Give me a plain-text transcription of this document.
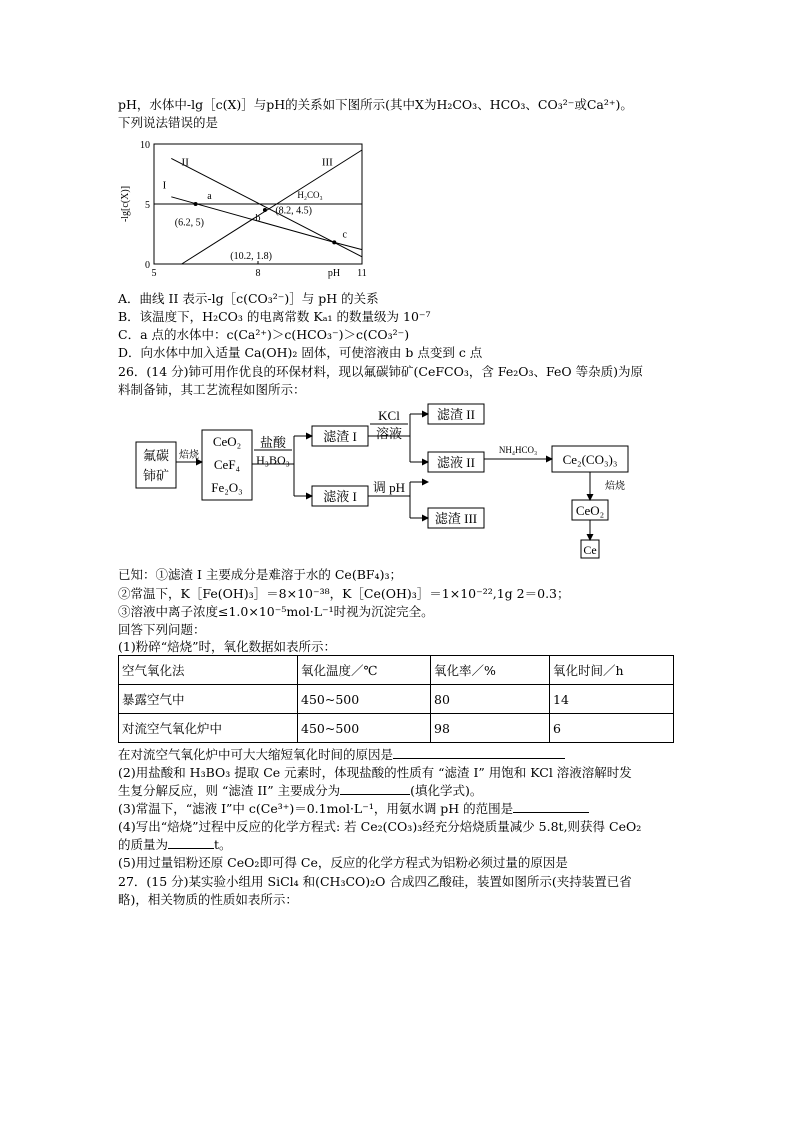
pH，水体中-lg［c(X)］与pH的关系如下图所示(其中X为H₂CO₃、HCO₃、CO₃²⁻或Ca²⁺)。
下列说法错误的是
0
5
10
5	8	11
pH
-lg[c(X)]
I
II	III
H₂CO₃
a
(6.2, 5)	b
(8.2, 4.5)
c
(10.2, 1.8)
A．曲线 II 表示-lg［c(CO₃²⁻)］与 pH 的关系
B．该温度下，H₂CO₃ 的电离常数 Kₐ₁ 的数量级为 10⁻⁷
C．a 点的水体中：c(Ca²⁺)＞c(HCO₃⁻)＞c(CO₃²⁻)
D．向水体中加入适量 Ca(OH)₂ 固体，可使溶液由 b 点变到 c 点
26．(14 分)铈可用作优良的环保材料，现以氟碳铈矿(CeFCO₃，含 Fe₂O₃、FeO 等杂质)为原
料制备铈，其工艺流程如图所示：
氟碳
铈矿
焙烧
CeO₂
CeF₄
Fe₂O₃
盐酸
H₃BO₃
滤渣 I
滤液 I
KCl
溶液
调 pH
滤渣 II
滤液 II
滤渣 III
NH₄HCO₃
Ce₂(CO₃)₃
焙烧
CeO₂
Ce
已知：①滤渣 I 主要成分是难溶于水的 Ce(BF₄)₃；
②常温下，K［Fe(OH)₃］＝8×10⁻³⁸，K［Ce(OH)₃］＝1×10⁻²²,1g 2＝0.3；
③溶液中离子浓度≤1.0×10⁻⁵mol·L⁻¹时视为沉淀完全。
回答下列问题：
(1)粉碎“焙烧”时，氧化数据如表所示：
空气氧化法	氧化温度／℃	氧化率／%	氧化时间／h
暴露空气中	450~500	80	14
对流空气氧化炉中	450~500	98	6
在对流空气氧化炉中可大大缩短氧化时间的原因是
(2)用盐酸和 H₃BO₃ 提取 Ce 元素时，体现盐酸的性质有 “滤渣 I” 用饱和 KCl 溶液溶解时发
生复分解反应，则 “滤渣 II” 主要成分为	(填化学式)。
(3)常温下，“滤液 I”中 c(Ce³⁺)＝0.1mol·L⁻¹，用氨水调 pH 的范围是
(4)写出“焙烧”过程中反应的化学方程式: 若 Ce₂(CO₃)₃经充分焙烧质量减少 5.8t,则获得 CeO₂
的质量为	t。
(5)用过量铝粉还原 CeO₂即可得 Ce，反应的化学方程式为铝粉必须过量的原因是
27．(15 分)某实验小组用 SiCl₄ 和(CH₃CO)₂O 合成四乙酸硅，装置如图所示(夹持装置已省
略)，相关物质的性质如表所示：
